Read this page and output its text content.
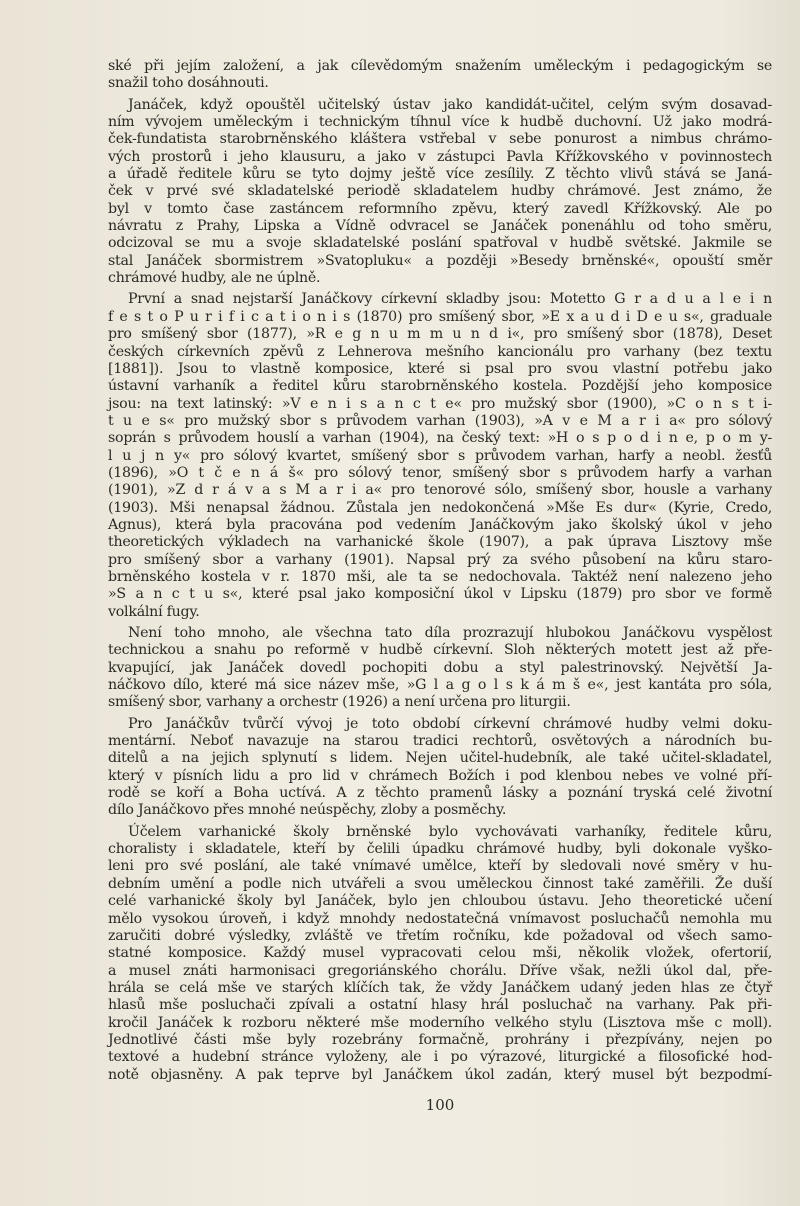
ské při jejím založení, a jak cílevědomým snažením uměleckým i pedagogickým se
snažil toho dosáhnouti.
Janáček, když opouštěl učitelský ústav jako kandidát-učitel, celým svým dosavad-
ním vývojem uměleckým i technickým tíhnul více k hudbě duchovní. Už jako modrá-
ček-fundatista starobrněnského kláštera vstřebal v sebe ponurost a nimbus chrámo-
vých prostorů i jeho klausuru, a jako v zástupci Pavla Křížkovského v povinnostech
a úřadě ředitele kůru se tyto dojmy ještě více zesílily. Z těchto vlivů stává se Janá-
ček v prvé své skladatelské periodě skladatelem hudby chrámové. Jest známo, že
byl v tomto čase zastáncem reformního zpěvu, který zavedl Křížkovský. Ale po
návratu z Prahy, Lipska a Vídně odvracel se Janáček ponenáhlu od toho směru,
odcizoval se mu a svoje skladatelské poslání spatřoval v hudbě světské. Jakmile se
stal Janáček sbormistrem »Svatopluku« a později »Besedy brněnské«, opouští směr
chrámové hudby, ale ne úplně.
První a snad nejstarší Janáčkovy církevní skladby jsou: Motetto G r a d u a l e i n
f e s t o P u r i f i c a t i o n i s (1870) pro smíšený sbor, »E x a u d i D e u s«, graduale
pro smíšený sbor (1877), »R e g n u m m u n d i«, pro smíšený sbor (1878), Deset
českých církevních zpěvů z Lehnerova mešního kancionálu pro varhany (bez textu
[1881]). Jsou to vlastně komposice, které si psal pro svou vlastní potřebu jako
ústavní varhaník a ředitel kůru starobrněnského kostela. Pozdější jeho komposice
jsou: na text latinský: »V e n i s a n c t e« pro mužský sbor (1900), »C o n s t i-
t u e s« pro mužský sbor s průvodem varhan (1903), »A v e M a r i a« pro sólový
soprán s průvodem houslí a varhan (1904), na český text: »H o s p o d i n e, p o m y-
l u j n y« pro sólový kvartet, smíšený sbor s průvodem varhan, harfy a neobl. žesťů
(1896), »O t č e n á š« pro sólový tenor, smíšený sbor s průvodem harfy a varhan
(1901), »Z d r á v a s M a r i a« pro tenorové sólo, smíšený sbor, housle a varhany
(1903). Mši nenapsal žádnou. Zůstala jen nedokončená »Mše Es dur« (Kyrie, Credo,
Agnus), která byla pracována pod vedením Janáčkovým jako školský úkol v jeho
theoretických výkladech na varhanické škole (1907), a pak úprava Lisztovy mše
pro smíšený sbor a varhany (1901). Napsal prý za svého působení na kůru staro-
brněnského kostela v r. 1870 mši, ale ta se nedochovala. Taktéž není nalezeno jeho
»S a n c t u s«, které psal jako komposiční úkol v Lipsku (1879) pro sbor ve formě
volkální fugy.
Není toho mnoho, ale všechna tato díla prozrazují hlubokou Janáčkovu vyspělost
technickou a snahu po reformě v hudbě církevní. Sloh některých motett jest až pře-
kvapující, jak Janáček dovedl pochopiti dobu a styl palestrinovský. Největší Ja-
náčkovo dílo, které má sice název mše, »G l a g o l s k á m š e«, jest kantáta pro sóla,
smíšený sbor, varhany a orchestr (1926) a není určena pro liturgii.
Pro Janáčkův tvůrčí vývoj je toto období církevní chrámové hudby velmi doku-
mentární. Neboť navazuje na starou tradici rechtorů, osvětových a národních bu-
ditelů a na jejich splynutí s lidem. Nejen učitel-hudebník, ale také učitel-skladatel,
který v písních lidu a pro lid v chrámech Božích i pod klenbou nebes ve volné pří-
rodě se koří a Boha uctívá. A z těchto pramenů lásky a poznání tryská celé životní
dílo Janáčkovo přes mnohé neúspěchy, zloby a posměchy.
Účelem varhanické školy brněnské bylo vychovávati varhaníky, ředitele kůru,
choralisty i skladatele, kteří by čelili úpadku chrámové hudby, byli dokonale vyško-
leni pro své poslání, ale také vnímavé umělce, kteří by sledovali nové směry v hu-
debním umění a podle nich utvářeli a svou uměleckou činnost také zaměřili. Že duší
celé varhanické školy byl Janáček, bylo jen chloubou ústavu. Jeho theoretické učení
mělo vysokou úroveň, i když mnohdy nedostatečná vnímavost posluchačů nemohla mu
zaručiti dobré výsledky, zvláště ve třetím ročníku, kde požadoval od všech samo-
statné komposice. Každý musel vypracovati celou mši, několik vložek, ofertorií,
a musel znáti harmonisaci gregoriánského chorálu. Dříve však, nežli úkol dal, pře-
hrála se celá mše ve starých klíčích tak, že vždy Janáčkem udaný jeden hlas ze čtyř
hlasů mše posluchači zpívali a ostatní hlasy hrál posluchač na varhany. Pak při-
kročil Janáček k rozboru některé mše moderního velkého stylu (Lisztova mše c moll).
Jednotlivé části mše byly rozebrány formačně, prohrány i přezpívány, nejen po
textové a hudební stránce vyloženy, ale i po výrazové, liturgické a filosofické hod-
notě objasněny. A pak teprve byl Janáčkem úkol zadán, který musel být bezpodmí-
100
